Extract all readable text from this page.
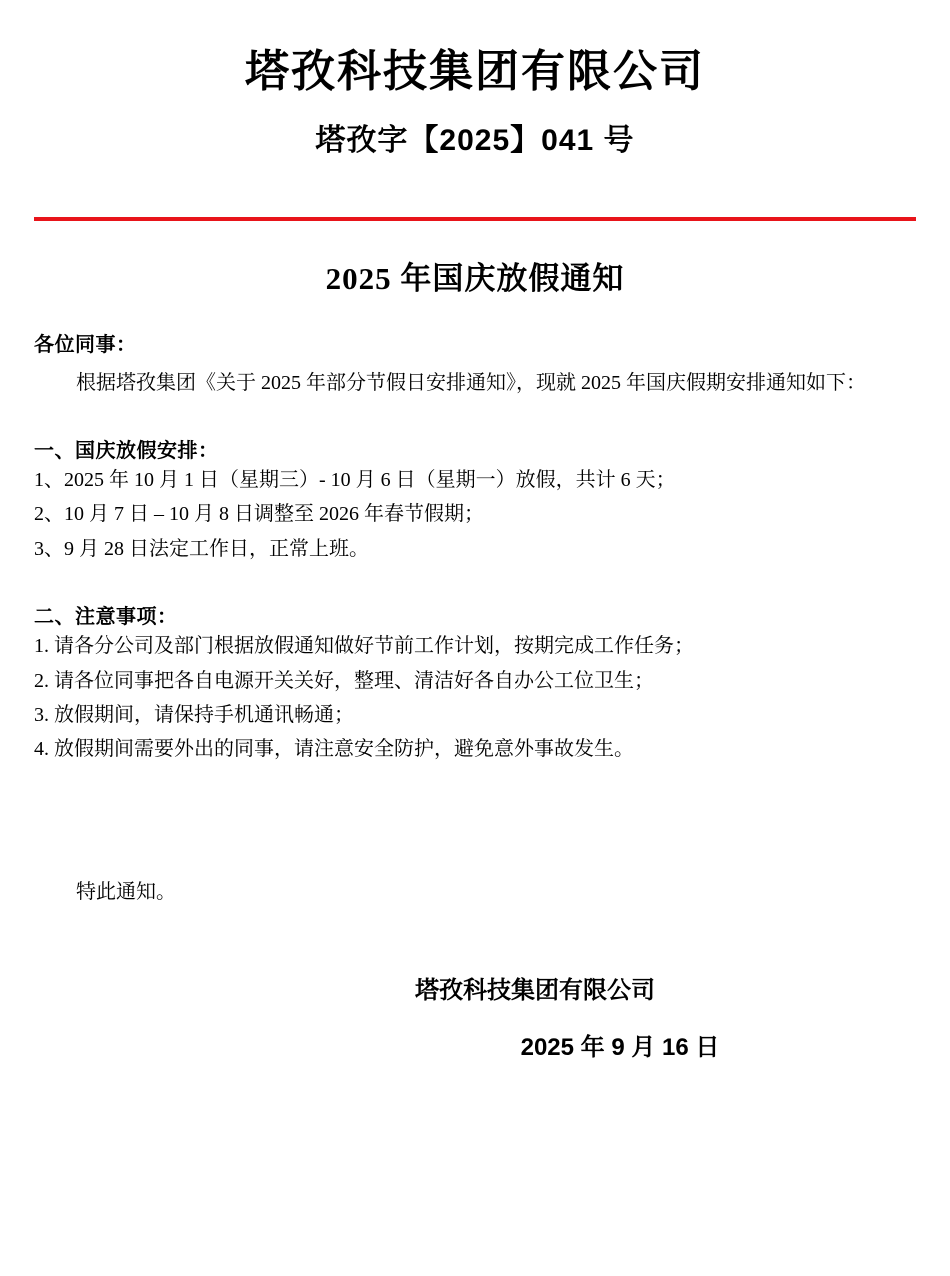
塔孜科技集团有限公司
塔孜字【2025】041 号
2025 年国庆放假通知
各位同事：
根据塔孜集团《关于 2025 年部分节假日安排通知》，现就 2025 年国庆假期安排通知如下：
一、国庆放假安排：
1、2025 年 10 月 1 日（星期三）- 10 月 6 日（星期一）放假，共计 6 天；
2、10 月 7 日 – 10 月 8 日调整至 2026 年春节假期；
3、9 月 28 日法定工作日，正常上班。
二、注意事项：
1. 请各分公司及部门根据放假通知做好节前工作计划，按期完成工作任务；
2. 请各位同事把各自电源开关关好，整理、清洁好各自办公工位卫生；
3. 放假期间，请保持手机通讯畅通；
4. 放假期间需要外出的同事，请注意安全防护，避免意外事故发生。
特此通知。
塔孜科技集团有限公司
2025 年 9 月 16 日
